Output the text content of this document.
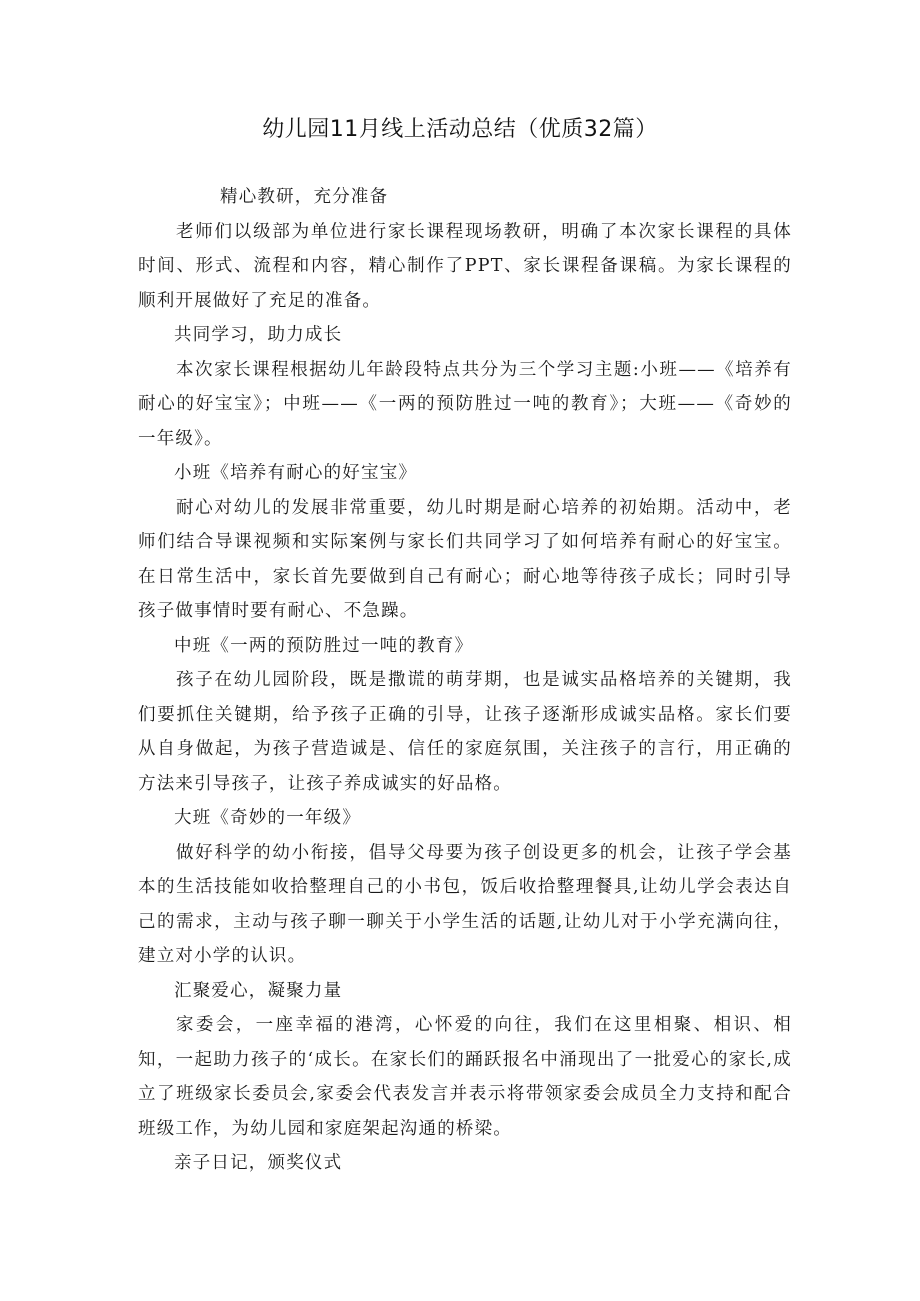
幼儿园11月线上活动总结（优质32篇）

精心教研，充分准备

老师们以级部为单位进行家长课程现场教研，明确了本次家长课程的具体时间、形式、流程和内容，精心制作了PPT、家长课程备课稿。为家长课程的顺利开展做好了充足的准备。

共同学习，助力成长

本次家长课程根据幼儿年龄段特点共分为三个学习主题:小班——《培养有耐心的好宝宝》；中班——《一两的预防胜过一吨的教育》；大班——《奇妙的一年级》。

小班《培养有耐心的好宝宝》

耐心对幼儿的发展非常重要，幼儿时期是耐心培养的初始期。活动中，老师们结合导课视频和实际案例与家长们共同学习了如何培养有耐心的好宝宝。在日常生活中，家长首先要做到自己有耐心；耐心地等待孩子成长；同时引导孩子做事情时要有耐心、不急躁。

中班《一两的预防胜过一吨的教育》

孩子在幼儿园阶段，既是撒谎的萌芽期，也是诚实品格培养的关键期，我们要抓住关键期，给予孩子正确的引导，让孩子逐渐形成诚实品格。家长们要从自身做起，为孩子营造诚是、信任的家庭氛围，关注孩子的言行，用正确的方法来引导孩子，让孩子养成诚实的好品格。

大班《奇妙的一年级》

做好科学的幼小衔接，倡导父母要为孩子创设更多的机会，让孩子学会基本的生活技能如收拾整理自己的小书包，饭后收拾整理餐具,让幼儿学会表达自己的需求，主动与孩子聊一聊关于小学生活的话题,让幼儿对于小学充满向往，建立对小学的认识。

汇聚爱心，凝聚力量

家委会，一座幸福的港湾，心怀爱的向往，我们在这里相聚、相识、相知，一起助力孩子的‘成长。在家长们的踊跃报名中涌现出了一批爱心的家长,成立了班级家长委员会,家委会代表发言并表示将带领家委会成员全力支持和配合班级工作，为幼儿园和家庭架起沟通的桥梁。

亲子日记，颁奖仪式
